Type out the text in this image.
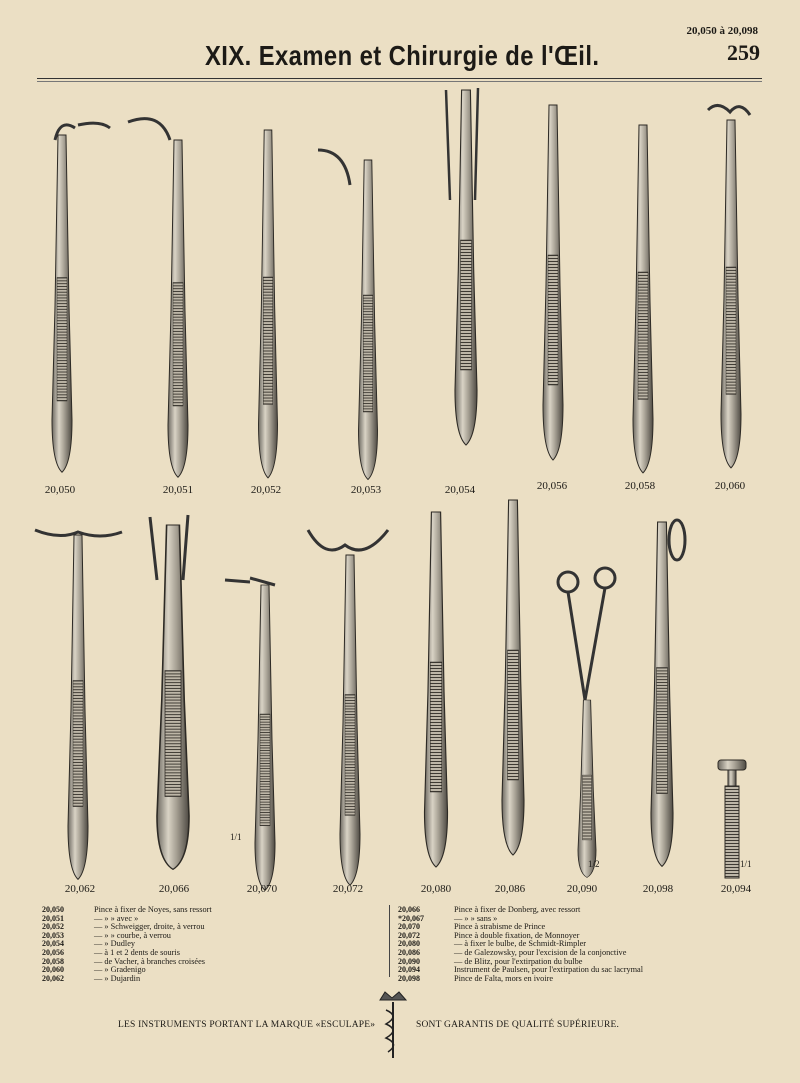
20,050 à 20,098
XIX. Examen et Chirurgie de l'Œil.	259
20,050	20,051	20,052	20,053	20,054	20,056	20,058	20,060
20,062	20,066	20,070	20,072	20,080	20,086	20,090	20,098	20,094
1/1
1/2	1/1
20,050	Pince à fixer de Noyes, sans ressort
20,051	— » » avec »
20,052	— » Schweigger, droite, à verrou
20,053	— » » courbe, à verrou
20,054	— » Dudley
20,056	— à 1 et 2 dents de souris
20,058	— de Vacher, à branches croisées
20,060	— » Gradenigo
20,062	— » Dujardin
20,066	Pince à fixer de Donberg, avec ressort
*20,067	— » » sans »
20,070	Pince à strabisme de Prince
20,072	Pince à double fixation, de Monnoyer
20,080	— à fixer le bulbe, de Schmidt-Rimpler
20,086	— de Galezowsky, pour l'excision de la conjonctive
20,090	— de Blitz, pour l'extirpation du bulbe
20,094	Instrument de Paulsen, pour l'extirpation du sac lacrymal
20,098	Pince de Falta, mors en ivoire
LES INSTRUMENTS PORTANT LA MARQUE «ESCULAPE»	SONT GARANTIS DE QUALITÉ SUPÉRIEURE.
